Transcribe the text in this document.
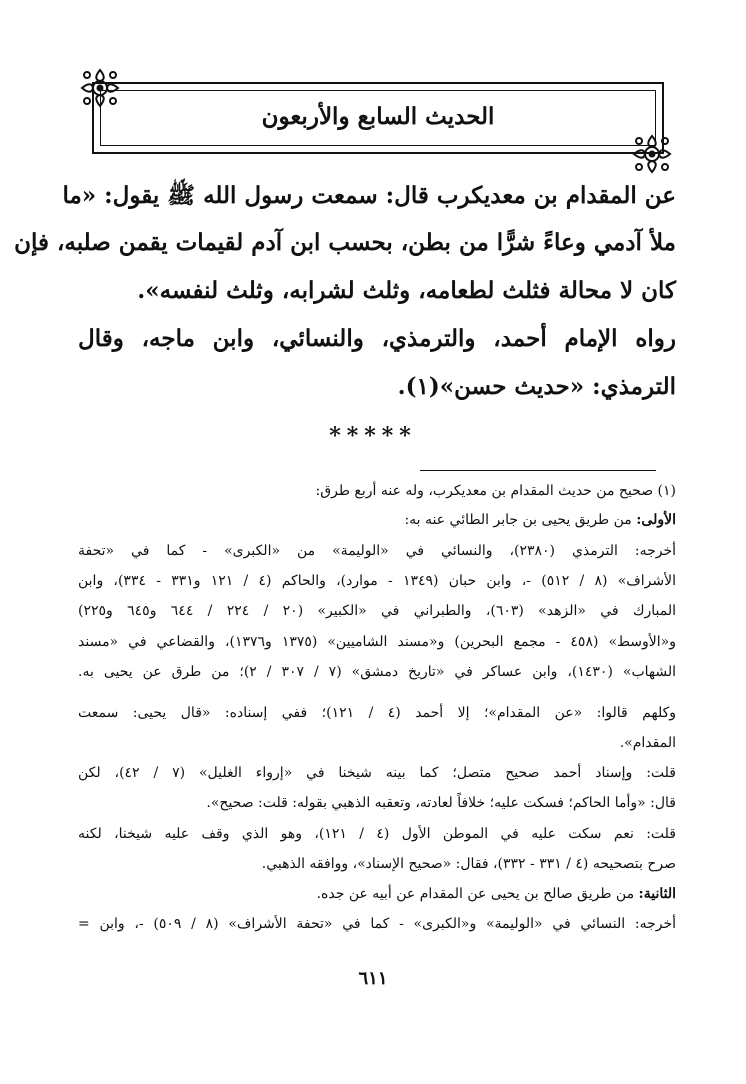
الحديث السابع والأربعون
عن المقدام بن معديكرب قال: سمعت رسول الله ﷺ يقول: «ما
ملأ آدمي وعاءً شرًّا من بطن، بحسب ابن آدم لقيمات يقمن صلبه، فإن
كان لا محالة فثلث لطعامه، وثلث لشرابه، وثلث لنفسه».
رواه الإمام أحمد، والترمذي، والنسائي، وابن ماجه، وقال
الترمذي: «حديث حسن»(١).
*****
(١) صحيح من حديث المقدام بن معديكرب، وله عنه أربع طرق:
الأولى: من طريق يحيى بن جابر الطائي عنه به:
أخرجه: الترمذي (٢٣٨٠)، والنسائي في «الوليمة» من «الكبرى» - كما في «تحفة
الأشراف» (٨ / ٥١٢) -، وابن حبان (١٣٤٩ - موارد)، والحاكم (٤ / ١٢١ و٣٣١ - ٣٣٤)، وابن
المبارك في «الزهد» (٦٠٣)، والطبراني في «الكبير» (٢٠ / ٢٢٤ / ٦٤٤ و٦٤٥ و٢٢٥)
و«الأوسط» (٤٥٨ - مجمع البحرين) و«مسند الشاميين» (١٣٧٥ و١٣٧٦)، والقضاعي في «مسند
الشهاب» (١٤٣٠)، وابن عساكر في «تاريخ دمشق» (٧ / ٣٠٧ / ٢)؛ من طرق عن يحيى به.
وكلهم قالوا: «عن المقدام»؛ إلا أحمد (٤ / ١٢١)؛ ففي إسناده: «قال يحيى: سمعت
المقدام».
قلت: وإسناد أحمد صحيح متصل؛ كما بينه شيخنا في «إرواء الغليل» (٧ / ٤٢)، لكن
قال: «وأما الحاكم؛ فسكت عليه؛ خلافاً لعادته، وتعقبه الذهبي بقوله: قلت: صحيح».
قلت: نعم سكت عليه في الموطن الأول (٤ / ١٢١)، وهو الذي وقف عليه شيخنا، لكنه
صرح بتصحيحه (٤ / ٣٣١ - ٣٣٢)، فقال: «صحيح الإسناد»، ووافقه الذهبي.
الثانية: من طريق صالح بن يحيى عن المقدام عن أبيه عن جده.
أخرجه: النسائي في «الوليمة» و«الكبرى» - كما في «تحفة الأشراف» (٨ / ٥٠٩) -، وابن =
٦١١
